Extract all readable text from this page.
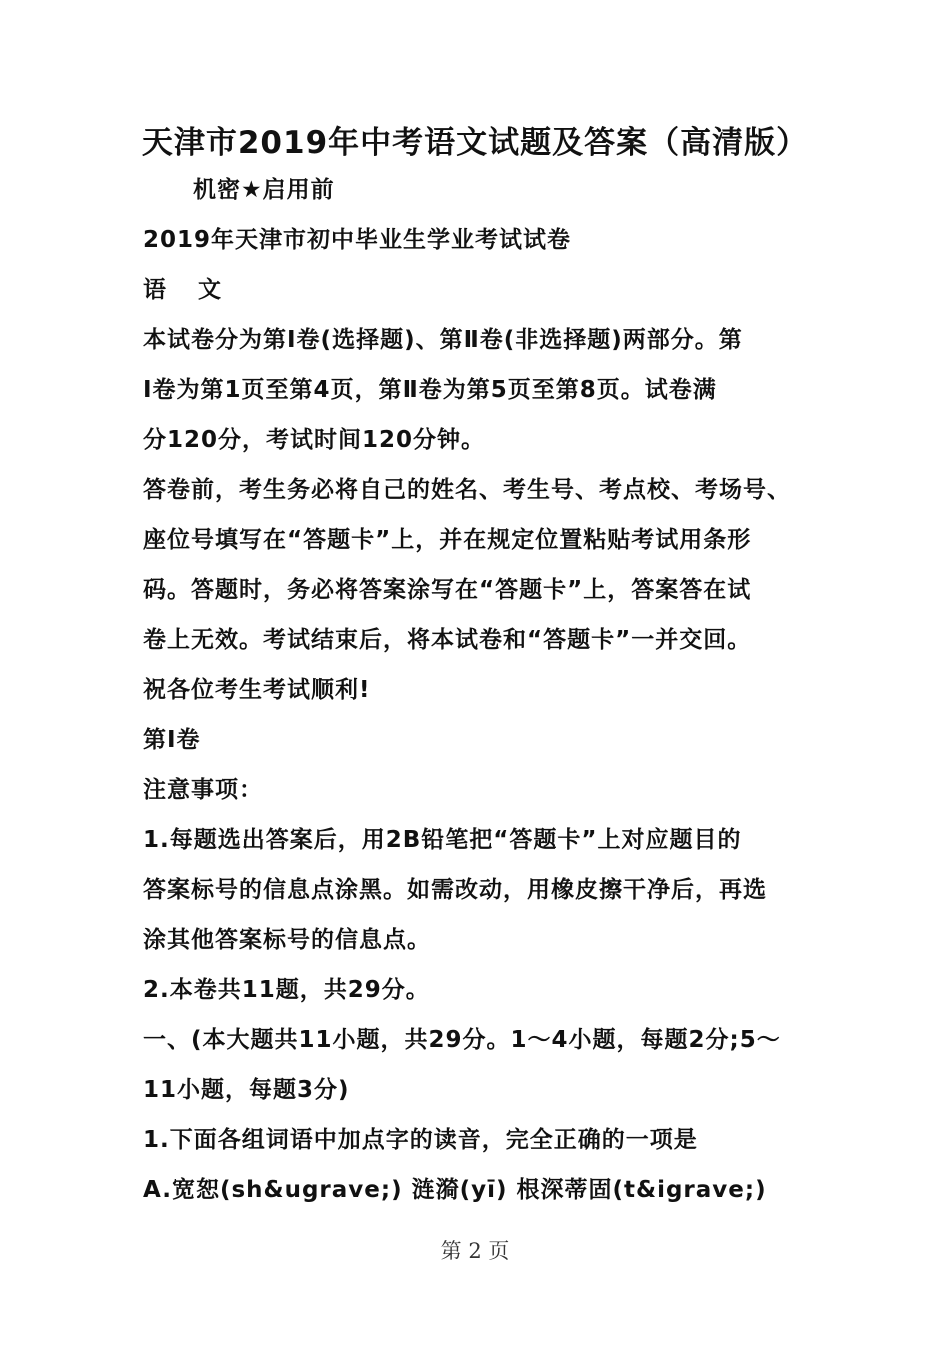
天津市2019年中考语文试题及答案（高清版）
机密★启用前
2019年天津市初中毕业生学业考试试卷
语 文
本试卷分为第Ⅰ卷(选择题)、第Ⅱ卷(非选择题)两部分。第
Ⅰ卷为第1页至第4页，第Ⅱ卷为第5页至第8页。试卷满
分120分，考试时间120分钟。
答卷前，考生务必将自己的姓名、考生号、考点校、考场号、
座位号填写在“答题卡”上，并在规定位置粘贴考试用条形
码。答题时，务必将答案涂写在“答题卡”上，答案答在试
卷上无效。考试结束后，将本试卷和“答题卡”一并交回。
祝各位考生考试顺利!
第Ⅰ卷
注意事项：
1.每题选出答案后，用2B铅笔把“答题卡”上对应题目的
答案标号的信息点涂黑。如需改动，用橡皮擦干净后，再选
涂其他答案标号的信息点。
2.本卷共11题，共29分。
一、(本大题共11小题，共29分。1～4小题，每题2分;5～
11小题，每题3分)
1.下面各组词语中加点字的读音，完全正确的一项是
A.宽恕(sh&ugrave;) 涟漪(yī) 根深蒂固(t&igrave;)
第 2 页
